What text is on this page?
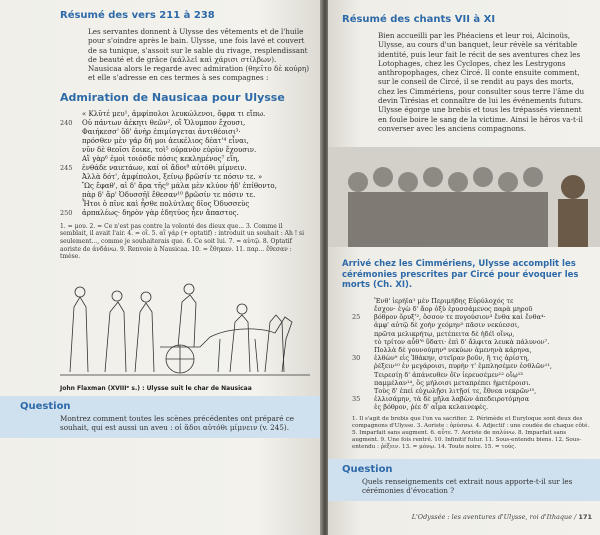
Résumé des vers 211 à 238

Les servantes donnent à Ulysse des vêtements et de l'huile pour s'oindre après le bain. Ulysse, une fois lavé et couvert de sa tunique, s'assoit sur le sable du rivage, resplendissant de beauté et de grâce (κάλλεϊ καὶ χάρισι στίλβων). Nausicaa alors le regarde avec admiration (θηεῖτο δὲ κούρη) et elle s'adresse en ces termes à ses compagnes :

Admiration de Nausicaa pour Ulysse
« Κλῦτέ μευ¹, ἀμφίπολοι λευκώλενοι, ὄφρα τι εἴπω.
240	Οὐ πάντων ἀέκητι θεῶν², οἳ Ὄλυμπον ἔχουσι,
Φαιήκεσσ' ὅδ' ἀνὴρ ἐπιμίσγεται ἀντιθέοισι³·
πρόσθεν μὲν γάρ δή μοι ἀεικέλιος δέατ'⁴ εἶναι,
νῦν δὲ θεοῖσι ἔοικε, τοὶ⁵ οὐρανὸν εὐρὺν ἔχουσιν.
Αἲ γὰρ⁶ ἐμοὶ τοιόσδε πόσις κεκλημένος⁷ εἴη,
245	ἐνθάδε ναιετάων, καί οἱ ἅδοι⁸ αὐτόθι μίμνειν.
Ἀλλὰ δότ', ἀμφίπολοι, ξείνῳ βρῶσίν τε πόσιν τε. »
Ὣς ἔφαθ', αἱ δ' ἄρα τῆς⁹ μάλα μὲν κλύον ἠδ' ἐπίθοντο,
πὰρ δ' ἄρ' Ὀδυσσῆϊ ἔθεσαν¹⁰ βρῶσίν τε πόσιν τε.
Ἦτοι ὁ πῖνε καὶ ἦσθε πολύτλας δῖος Ὀδυσσεὺς
250	ἁρπαλέως· δηρὸν γὰρ ἐδητύος ἦεν ἄπαστος.
1. = μου. 2. = Ce n'est pas contre la volonté des dieux que... 3. Comme il semblait, il avait l'air. 4. = οἳ. 5. αἲ γάρ (+ optatif) : introduit un souhait : Ah ! si seulement..., comme je souhaiterais que. 6. Ce soit lui. 7. = αὐτῷ. 8. Optatif aoriste de ἁνδάνω. 9. Renvoie à Nausicaa. 10. = ἔθηκαν. 11. παρ... ἔθεσαν : tmèse.
John Flaxman (XVIIIᵉ s.) : Ulysse suit le char de Nausicaa
Question
Montrez comment toutes les scènes précédentes ont préparé ce souhait, qui est aussi un aveu : οἱ ἅδοι αὐτόθι μίμνειν (v. 245).
Résumé des chants VII à XI

Bien accueilli par les Phéaciens et leur roi, Alcinoüs, Ulysse, au cours d'un banquet, leur révèle sa véritable identité, puis leur fait le récit de ses aventures chez les Lotophages, chez les Cyclopes, chez les Lestrygons anthropophages, chez Circé. Il conte ensuite comment, sur le conseil de Circé, il se rendit au pays des morts, chez les Cimmériens, pour consulter sous terre l'âme du devin Tirésias et connaître de lui les événements futurs. Ulysse égorge une brebis et tous les trépassés viennent en foule boire le sang de la victime. Ainsi le héros va-t-il converser avec les anciens compagnons.

Arrivé chez les Cimmériens, Ulysse accomplit les cérémonies prescrites par Circé pour évoquer les morts (Ch. XI).
Ἔνθ' ἱερήϊα¹ μὲν Περιμήδης Εὐρύλοχός τε
ἔσχον· ἐγὼ δ' ἄορ ὀξὺ ἐρυσσάμενος παρὰ μηροῦ
25	βόθρον ὄρυξ'², ὅσσον τε πυγούσιον³ ἔνθα καὶ ἔνθα⁴·
ἀμφ' αὐτῷ δὲ χοὴν χεόμην⁵ πᾶσιν νεκύεσσι,
πρῶτα μελικρήτῳ, μετέπειτα δὲ ἡδέϊ οἴνῳ,
τὸ τρίτον αὖθ'⁶ ὕδατι· ἐπὶ δ' ἄλφιτα λευκὰ πάλυνον⁷.
Πολλὰ δὲ γουνούμην⁸ νεκύων ἀμενηνὰ κάρηνα,
30	ἐλθὼν⁹ εἰς Ἰθάκην, στεῖραν βοῦν, ἥ τις ἀρίστη,
ῥέξειν¹⁰ ἐν μεγάροισι, πυρήν τ' ἐμπλησέμεν ἐσθλῶν¹¹,
Τειρεσίῃ δ' ἀπάνευθεν ὄϊν ἱερευσέμεν¹² οἴῳ¹³
παμμέλαν¹⁴, ὃς μήλοισι μεταπρέπει ἡμετέροισι.
Τοὺς δ' ἐπεὶ εὐχωλῇσι λιτῇσί τε, ἔθνεα νεκρῶν¹⁵,
35	ἐλλισάμην, τὰ δὲ μῆλα λαβὼν ἀπεδειροτόμησα
ἐς βόθρον, ῥέε δ' αἷμα κελαινεφές.
1. Il s'agit de brebis que l'on va sacrifier. 2. Périmède et Euryloque sont deux des compagnons d'Ulysse. 3. Aoriste : ὀρύσσω. 4. Adjectif : une coudée de chaque côté. 5. Imparfait sans augment. 6. αὖτε. 7. Aoriste de παλύνω. 8. Imparfait sans augment. 9. Une fois rentré. 10. Infinitif futur. 11. Sous-entendu biens. 12. Sous-entendu : ῥέξειν. 13. = μόνῳ. 14. Toute noire. 15. = τούς.
Question
Quels renseignements cet extrait nous apporte-t-il sur les cérémonies d'évocation ?
L'Odyssée : les aventures d'Ulysse, roi d'Ithaque / 171
